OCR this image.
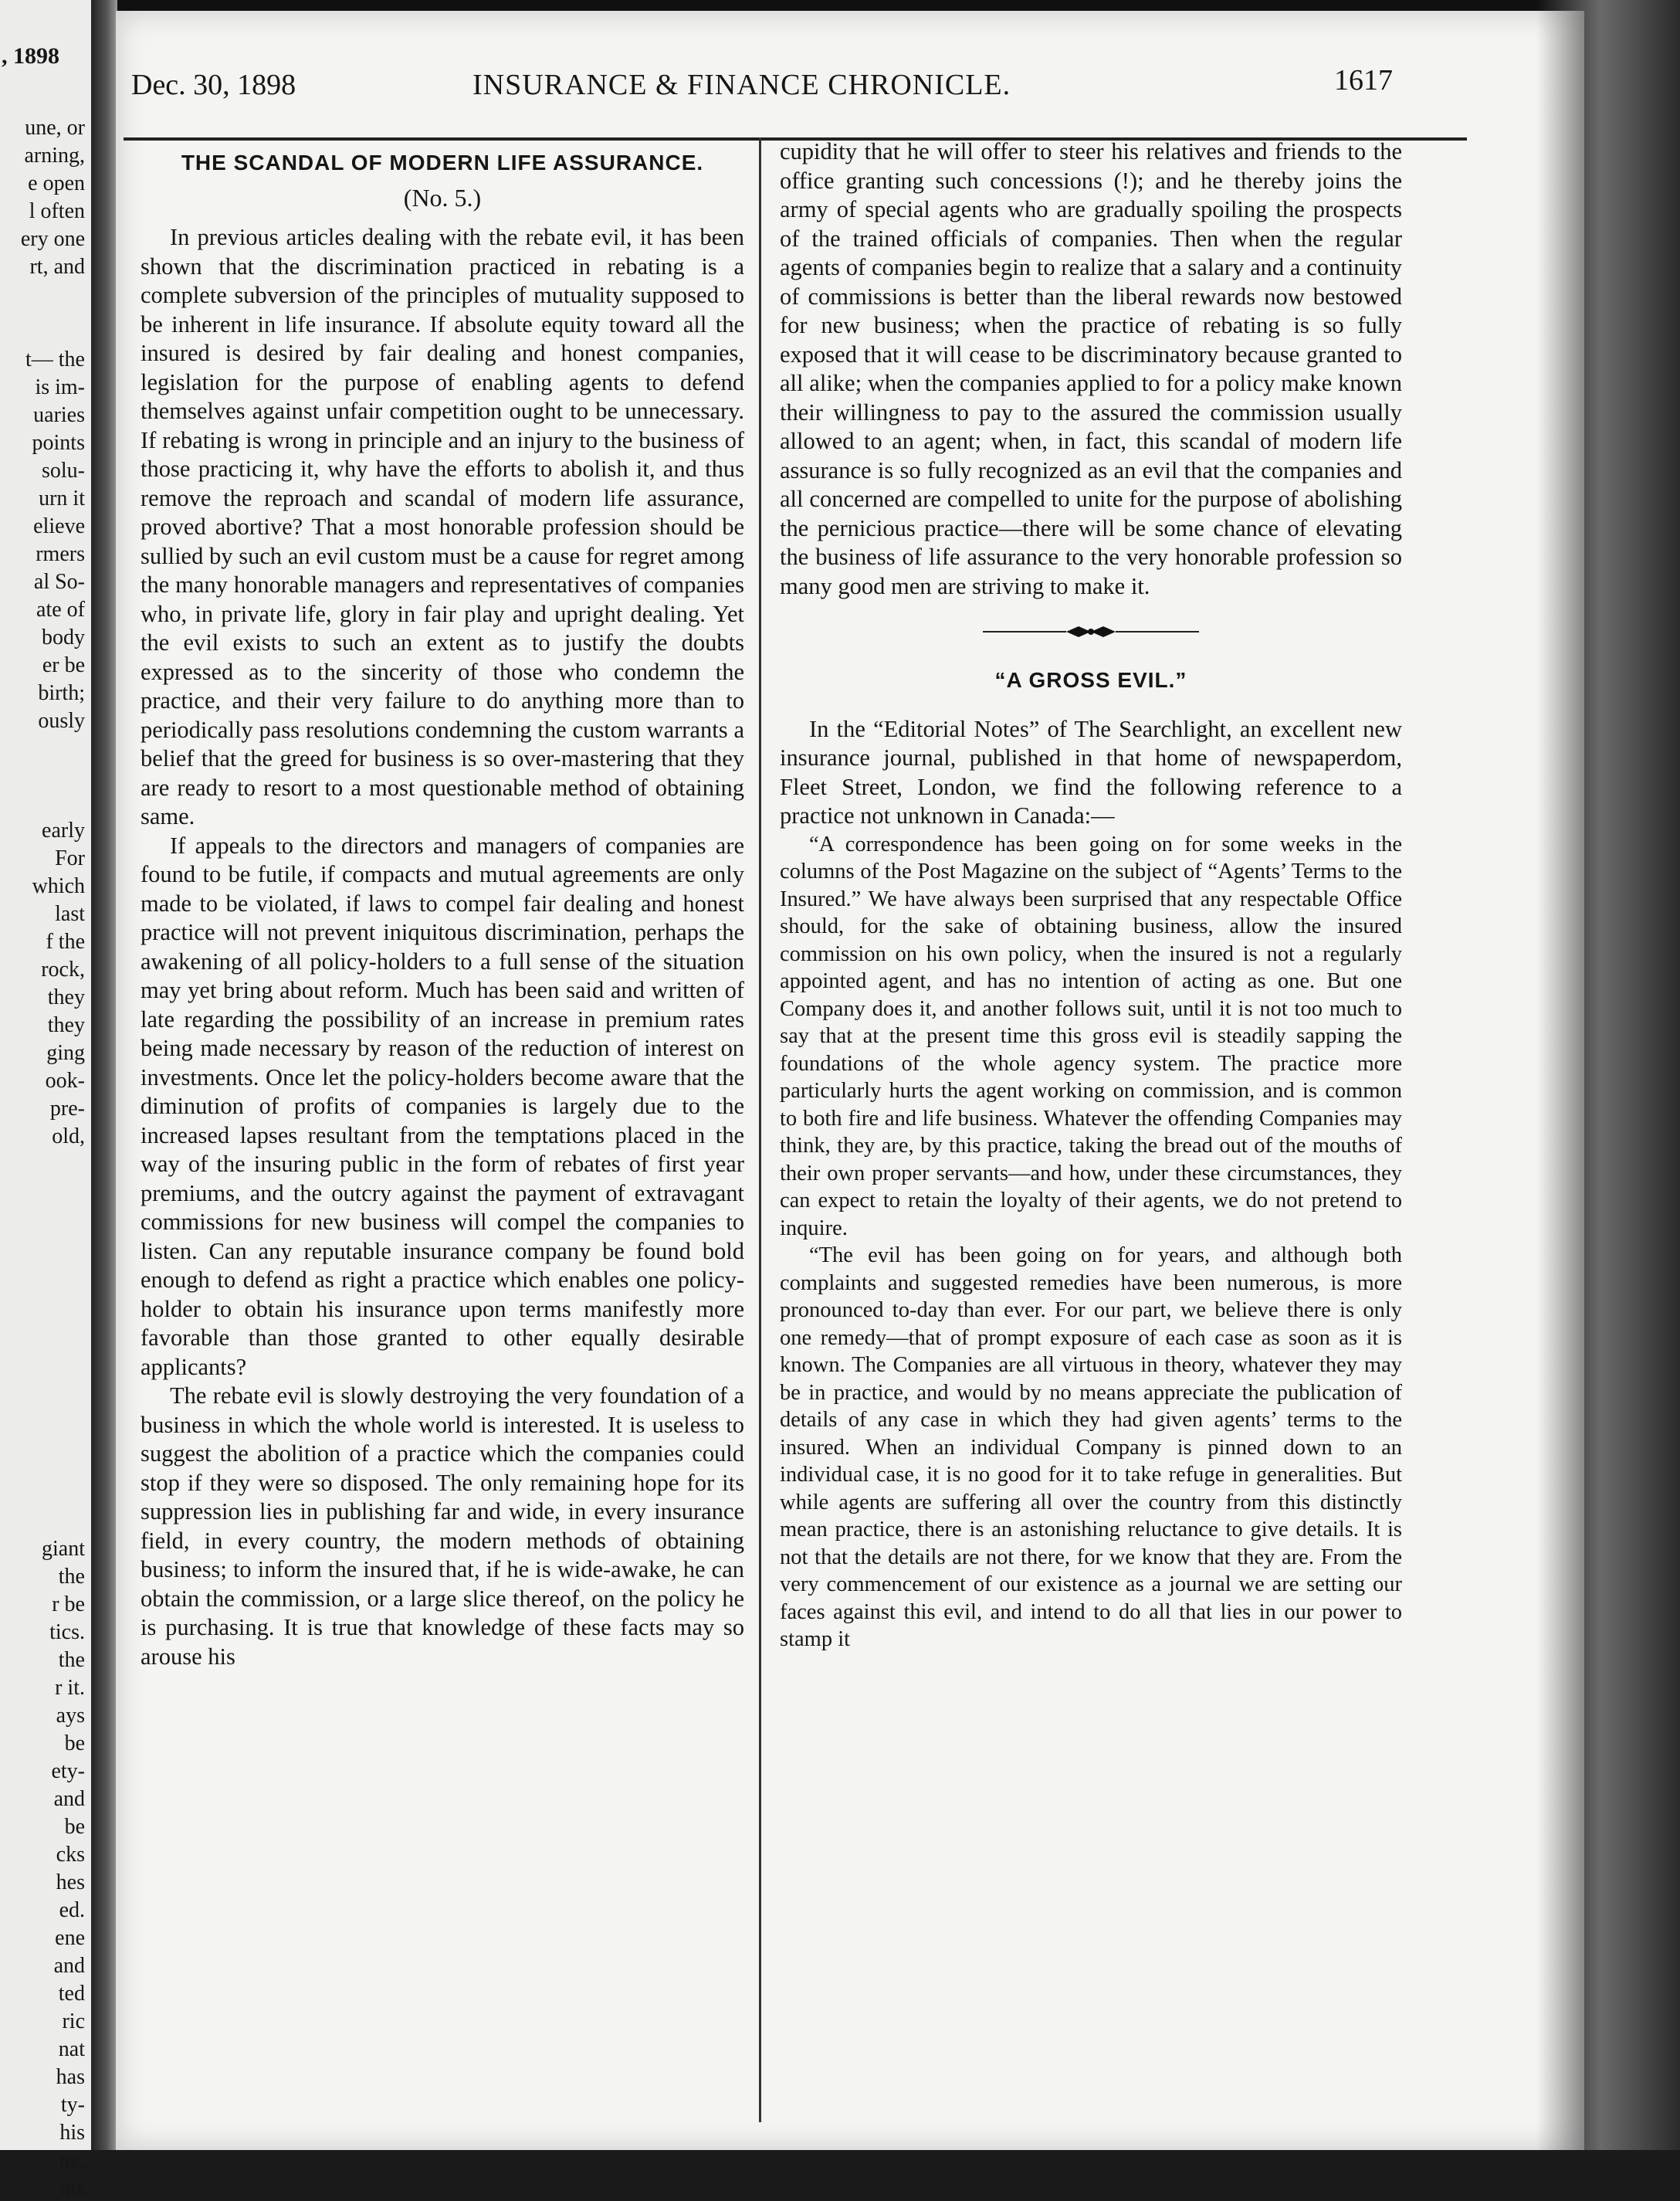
, 1898
une, or
arning,
e open
l often
ery one
rt, and
t— the
is im-
uaries
points
solu-
urn it
elieve
rmers
al So-
ate of
body
er be
birth;
ously
early
For
which
last
f the
rock,
they
they
ging
ook-
pre-
old,
giant
the
r be
tics.
the
r it.
ays
be
ety-
and
be
cks
hes
ed.
ene
and
ted
ric
nat
has
ty-
his
ne,
nts
Dec. 30, 1898	INSURANCE & FINANCE CHRONICLE.	1617
THE SCANDAL OF MODERN LIFE ASSURANCE.
(No. 5.)

In previous articles dealing with the rebate evil, it has been shown that the discrimination practiced in rebating is a complete subversion of the principles of mutuality supposed to be inherent in life insurance. If absolute equity toward all the insured is desired by fair dealing and honest companies, legislation for the purpose of enabling agents to defend themselves against unfair competition ought to be unnecessary. If rebating is wrong in principle and an injury to the business of those practicing it, why have the efforts to abolish it, and thus remove the reproach and scandal of modern life assurance, proved abortive? That a most honorable profession should be sullied by such an evil custom must be a cause for regret among the many honorable managers and representatives of companies who, in private life, glory in fair play and upright dealing. Yet the evil exists to such an extent as to justify the doubts expressed as to the sincerity of those who condemn the practice, and their very failure to do anything more than to periodically pass resolutions condemning the custom warrants a belief that the greed for business is so over-mastering that they are ready to resort to a most questionable method of obtaining same.

If appeals to the directors and managers of companies are found to be futile, if compacts and mutual agreements are only made to be violated, if laws to compel fair dealing and honest practice will not prevent iniquitous discrimination, perhaps the awakening of all policy-holders to a full sense of the situation may yet bring about reform. Much has been said and written of late regarding the possibility of an increase in premium rates being made necessary by reason of the reduction of interest on investments. Once let the policy-holders become aware that the diminution of profits of companies is largely due to the increased lapses resultant from the temptations placed in the way of the insuring public in the form of rebates of first year premiums, and the outcry against the payment of extravagant commissions for new business will compel the companies to listen. Can any reputable insurance company be found bold enough to defend as right a practice which enables one policy-holder to obtain his insurance upon terms manifestly more favorable than those granted to other equally desirable applicants?

The rebate evil is slowly destroying the very foundation of a business in which the whole world is interested. It is useless to suggest the abolition of a practice which the companies could stop if they were so disposed. The only remaining hope for its suppression lies in publishing far and wide, in every insurance field, in every country, the modern methods of obtaining business; to inform the insured that, if he is wide-awake, he can obtain the commission, or a large slice thereof, on the policy he is purchasing. It is true that knowledge of these facts may so arouse his

cupidity that he will offer to steer his relatives and friends to the office granting such concessions (!); and he thereby joins the army of special agents who are gradually spoiling the prospects of the trained officials of companies. Then when the regular agents of companies begin to realize that a salary and a continuity of commissions is better than the liberal rewards now bestowed for new business; when the practice of rebating is so fully exposed that it will cease to be discriminatory because granted to all alike; when the companies applied to for a policy make known their willingness to pay to the assured the commission usually allowed to an agent; when, in fact, this scandal of modern life assurance is so fully recognized as an evil that the companies and all concerned are compelled to unite for the purpose of abolishing the pernicious practice—there will be some chance of elevating the business of life assurance to the very honorable profession so many good men are striving to make it.

“A GROSS EVIL.”

In the “Editorial Notes” of The Searchlight, an excellent new insurance journal, published in that home of newspaperdom, Fleet Street, London, we find the following reference to a practice not unknown in Canada:—

“A correspondence has been going on for some weeks in the columns of the Post Magazine on the subject of “Agents’ Terms to the Insured.” We have always been surprised that any respectable Office should, for the sake of obtaining business, allow the insured commission on his own policy, when the insured is not a regularly appointed agent, and has no intention of acting as one. But one Company does it, and another follows suit, until it is not too much to say that at the present time this gross evil is steadily sapping the foundations of the whole agency system. The practice more particularly hurts the agent working on commission, and is common to both fire and life business. Whatever the offending Companies may think, they are, by this practice, taking the bread out of the mouths of their own proper servants—and how, under these circumstances, they can expect to retain the loyalty of their agents, we do not pretend to inquire.

“The evil has been going on for years, and although both complaints and suggested remedies have been numerous, is more pronounced to-day than ever. For our part, we believe there is only one remedy—that of prompt exposure of each case as soon as it is known. The Companies are all virtuous in theory, whatever they may be in practice, and would by no means appreciate the publication of details of any case in which they had given agents’ terms to the insured. When an individual Company is pinned down to an individual case, it is no good for it to take refuge in generalities. But while agents are suffering all over the country from this distinctly mean practice, there is an astonishing reluctance to give details. It is not that the details are not there, for we know that they are. From the very commencement of our existence as a journal we are setting our faces against this evil, and intend to do all that lies in our power to stamp it
